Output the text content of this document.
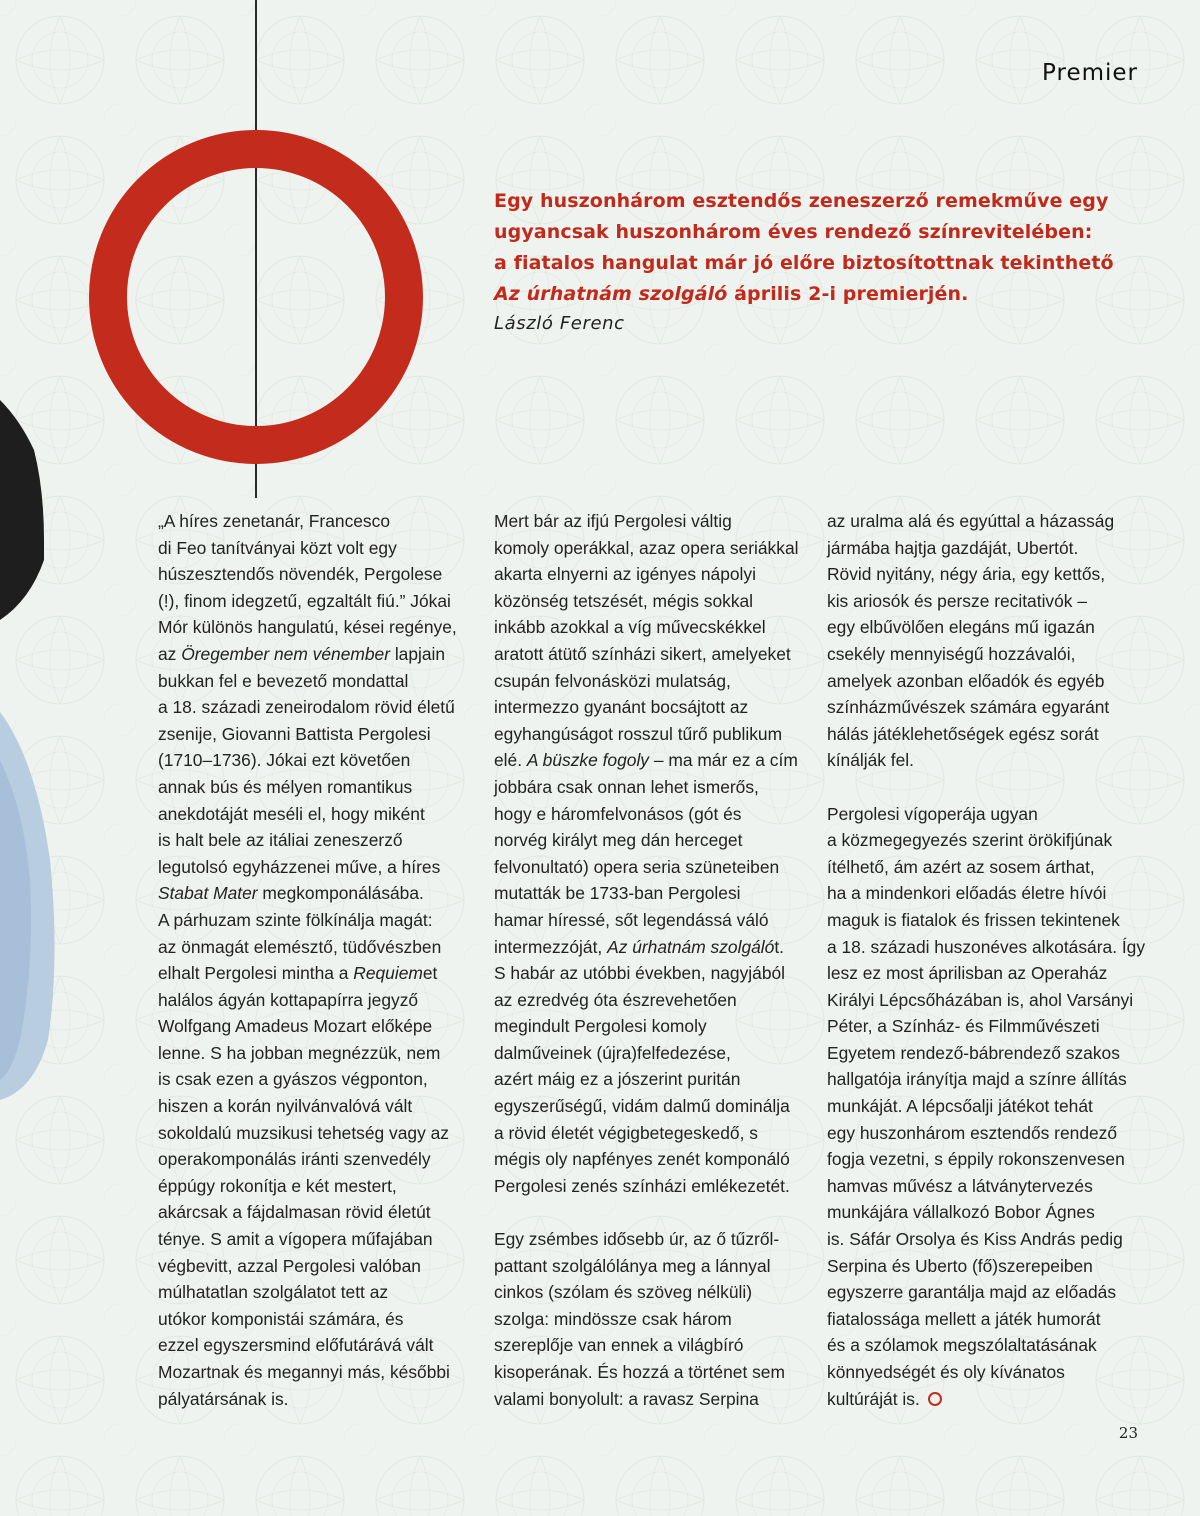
Premier
Egy huszonhárom esztendős zeneszerző remekműve egy
ugyancsak huszonhárom éves rendező színrevitelében:
a fiatalos hangulat már jó előre biztosítottnak tekinthető
Az úrhatnám szolgáló április 2-i premierjén.
László Ferenc
„A híres zenetanár, Francesco
di Feo tanítványai közt volt egy
húszesztendős növendék, Pergolese
(!), finom idegzetű, egzaltált fiú.” Jókai
Mór különös hangulatú, kései regénye,
az Öregember nem vénember lapjain
bukkan fel e bevezető mondattal
a 18. századi zeneirodalom rövid életű
zsenije, Giovanni Battista Pergolesi
(1710–1736). Jókai ezt követően
annak bús és mélyen romantikus
anekdotáját meséli el, hogy miként
is halt bele az itáliai zeneszerző
legutolsó egyházzenei műve, a híres
Stabat Mater megkomponálásába.
A párhuzam szinte fölkínálja magát:
az önmagát elemésztő, tüdővészben
elhalt Pergolesi mintha a Requiemet
halálos ágyán kottapapírra jegyző
Wolfgang Amadeus Mozart előképe
lenne. S ha jobban megnézzük, nem
is csak ezen a gyászos végponton,
hiszen a korán nyilvánvalóvá vált
sokoldalú muzsikusi tehetség vagy az
operakomponálás iránti szenvedély
éppúgy rokonítja e két mestert,
akárcsak a fájdalmasan rövid életút
ténye. S amit a vígopera műfajában
végbevitt, azzal Pergolesi valóban
múlhatatlan szolgálatot tett az
utókor komponistái számára, és
ezzel egyszersmind előfutárává vált
Mozartnak és megannyi más, későbbi
pályatársának is.
Mert bár az ifjú Pergolesi váltig
komoly operákkal, azaz opera seriákkal
akarta elnyerni az igényes nápolyi
közönség tetszését, mégis sokkal
inkább azokkal a víg művecskékkel
aratott átütő színházi sikert, amelyeket
csupán felvonásközi mulatság,
intermezzo gyanánt bocsájtott az
egyhangúságot rosszul tűrő publikum
elé. A büszke fogoly – ma már ez a cím
jobbára csak onnan lehet ismerős,
hogy e háromfelvonásos (gót és
norvég királyt meg dán herceget
felvonultató) opera seria szüneteiben
mutatták be 1733-ban Pergolesi
hamar híressé, sőt legendássá váló
intermezzóját, Az úrhatnám szolgálót.
S habár az utóbbi években, nagyjából
az ezredvég óta észrevehetően
megindult Pergolesi komoly
dalműveinek (újra)felfedezése,
azért máig ez a jószerint puritán
egyszerűségű, vidám dalmű dominálja
a rövid életét végigbetegeskedő, s
mégis oly napfényes zenét komponáló
Pergolesi zenés színházi emlékezetét.
Egy zsémbes idősebb úr, az ő tűzről-
pattant szolgálólánya meg a lánnyal
cinkos (szólam és szöveg nélküli)
szolga: mindössze csak három
szereplője van ennek a világbíró
kisoperának. És hozzá a történet sem
valami bonyolult: a ravasz Serpina
az uralma alá és egyúttal a házasság
jármába hajtja gazdáját, Ubertót.
Rövid nyitány, négy ária, egy kettős,
kis ariosók és persze recitativók –
egy elbűvölően elegáns mű igazán
csekély mennyiségű hozzávalói,
amelyek azonban előadók és egyéb
színházművészek számára egyaránt
hálás játéklehetőségek egész sorát
kínálják fel.
Pergolesi vígoperája ugyan
a közmegegyezés szerint örökifjúnak
ítélhető, ám azért az sosem árthat,
ha a mindenkori előadás életre hívói
maguk is fiatalok és frissen tekintenek
a 18. századi huszonéves alkotására. Így
lesz ez most áprilisban az Operaház
Királyi Lépcsőházában is, ahol Varsányi
Péter, a Színház- és Filmművészeti
Egyetem rendező-bábrendező szakos
hallgatója irányítja majd a színre állítás
munkáját. A lépcsőalji játékot tehát
egy huszonhárom esztendős rendező
fogja vezetni, s éppily rokonszenvesen
hamvas művész a látványtervezés
munkájára vállalkozó Bobor Ágnes
is. Sáfár Orsolya és Kiss András pedig
Serpina és Uberto (fő)szerepeiben
egyszerre garantálja majd az előadás
fiatalossága mellett a játék humorát
és a szólamok megszólaltatásának
könnyedségét és oly kívánatos
kultúráját is.
23
